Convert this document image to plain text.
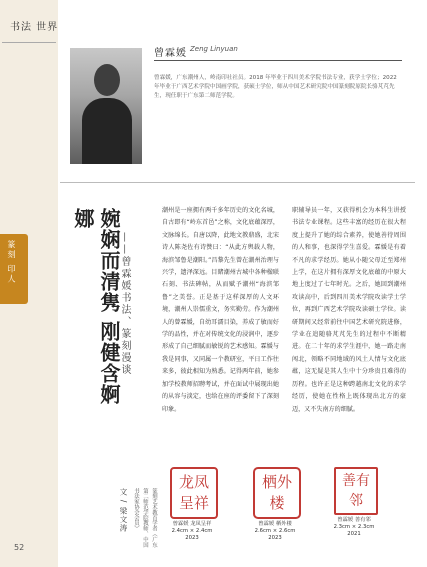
书法 世界
篆刻 印人
52
曾霖媛 Zeng Linyuan
曾霖媛，广东潮州人，岭南印社社员。2018 年毕业于四川美术学院书法专业，获学士学位；2022 年毕业于广西艺术学院中国画学院，获硕士学位，师从中国艺术研究院中国篆刻院原院长骆芃芃先生，现任职于广东第二师范学院。
婉娴而清隽 刚健含婀娜
——曾霖媛书法、篆刻漫谈
文 / 梁文涛	篆刻艺术教育学者（广东第二师范学院教师、中国书法家协会会员）
潮州是一座拥有两千多年历史的文化名城，自古即有“岭东首邑”之称，文化底蕴深厚，文脉绵长。自唐以降，此地文教鼎盛，北宋诗人陈尧佐有诗赞曰：“从此方舆载人物，海滨邹鲁是潮阳。”昌黎先生曾在潮州治理与兴学，遗泽深远。目睹潮州古城中各种楹联石刻、书法碑帖，从而赋予潮州“海滨邹鲁”之美誉。正是基于这样深厚的人文环境，潮州人崇儒重文，务实勤劳。作为潮州人的曾霖媛，自幼耳濡目染，养成了敏而好学的品性，并在对传统文化的浸润中，逐步形成了自己细腻而敏锐的艺术感知。霖媛与我是同事，又同属一个教研室，平日工作往来多，彼此相知为熟悉。记得两年前，她参加学校教师招聘考试，并在面试中展现出她的从容与淡定，也给在座的评委留下了深刻印象。
职辅导员一年，又获得机会为本科生讲授书法专业课程。这些丰富的经历在很大程度上提升了她的综合素养，使她善待周围的人和事，也深得学生喜爱。霖媛是有着不凡的求学经历。她从小随父母迁至郑州上学，在这片拥有深厚文化底蕴的中原大地上度过了七年时光。之后，她回到潮州攻读高中，后到四川美术学院攻读学士学位，再到广西艺术学院攻读硕士学位。读研期间又经常前往中国艺术研究院进修，学业在追随骆芃芃先生的过程中不断精进。在二十年的求学生涯中，她一路走南闯北，领略不同地域的风土人情与文化底蕴，这无疑是其人生中十分珍贵且难得的历程。也许正是这种跨越南北文化的求学经历，使她在性格上既体现出北方的豪迈，又不失南方的细腻。
龙凤呈祥
栖外楼
善有邻
曾霖媛 龙凤呈祥
2.4cm × 2.4cm
2023
曾霖媛 栖外楼
2.6cm × 2.6cm
2023
曾霖媛 善有邻
2.3cm × 2.3cm
2021
